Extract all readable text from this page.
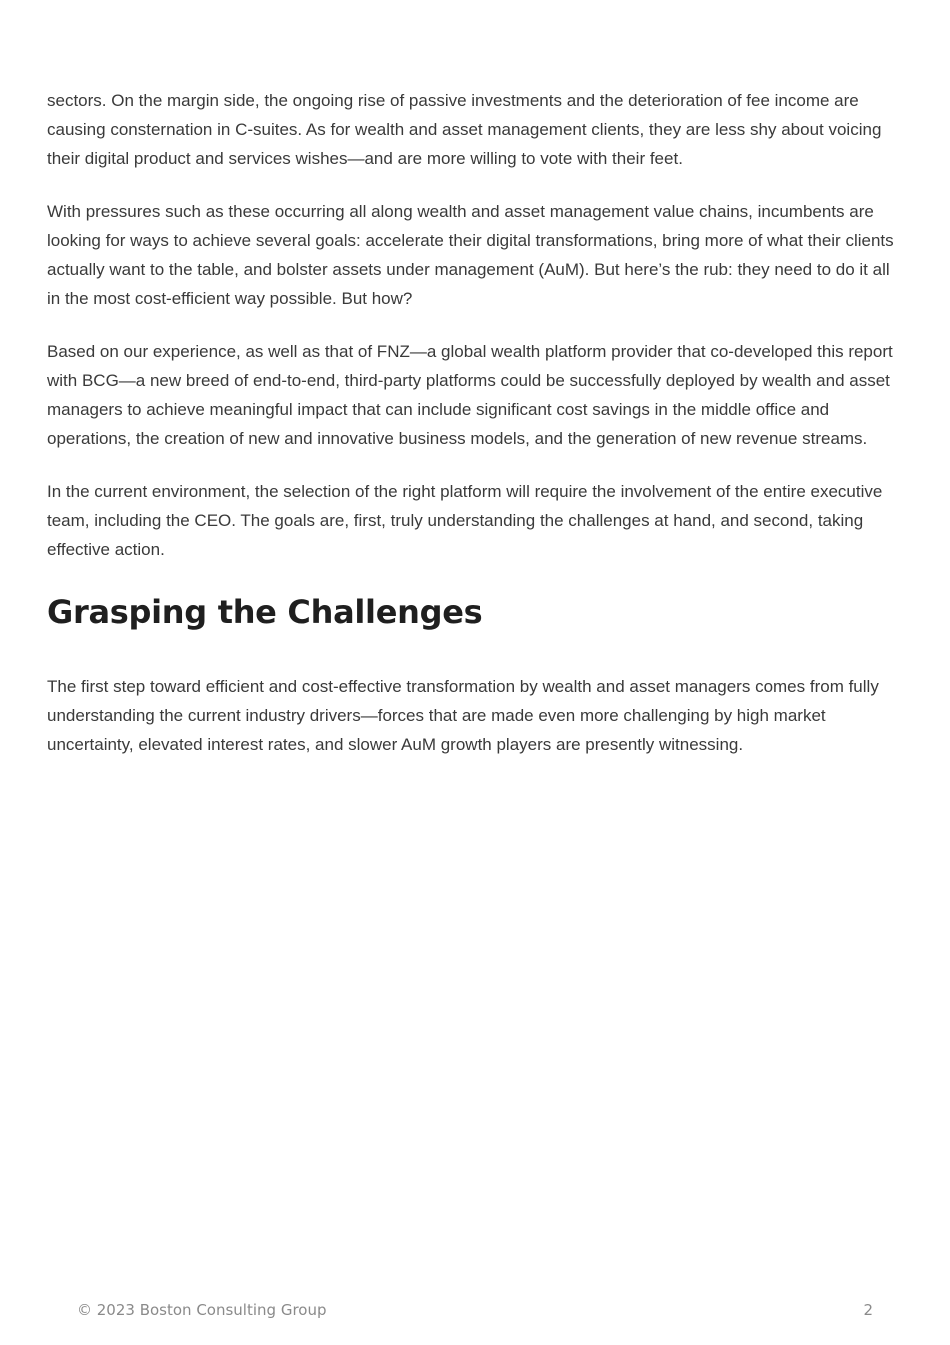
sectors. On the margin side, the ongoing rise of passive investments and the deterioration of fee income are causing consternation in C-suites. As for wealth and asset management clients, they are less shy about voicing their digital product and services wishes—and are more willing to vote with their feet.

With pressures such as these occurring all along wealth and asset management value chains, incumbents are looking for ways to achieve several goals: accelerate their digital transformations, bring more of what their clients actually want to the table, and bolster assets under management (AuM). But here’s the rub: they need to do it all in the most cost-efficient way possible. But how?

Based on our experience, as well as that of FNZ—a global wealth platform provider that co-developed this report with BCG—a new breed of end-to-end, third-party platforms could be successfully deployed by wealth and asset managers to achieve meaningful impact that can include significant cost savings in the middle office and operations, the creation of new and innovative business models, and the generation of new revenue streams.

In the current environment, the selection of the right platform will require the involvement of the entire executive team, including the CEO. The goals are, first, truly understanding the challenges at hand, and second, taking effective action.

Grasping the Challenges

The first step toward efficient and cost-effective transformation by wealth and asset managers comes from fully understanding the current industry drivers—forces that are made even more challenging by high market uncertainty, elevated interest rates, and slower AuM growth players are presently witnessing.

© 2023 Boston Consulting Group	2
